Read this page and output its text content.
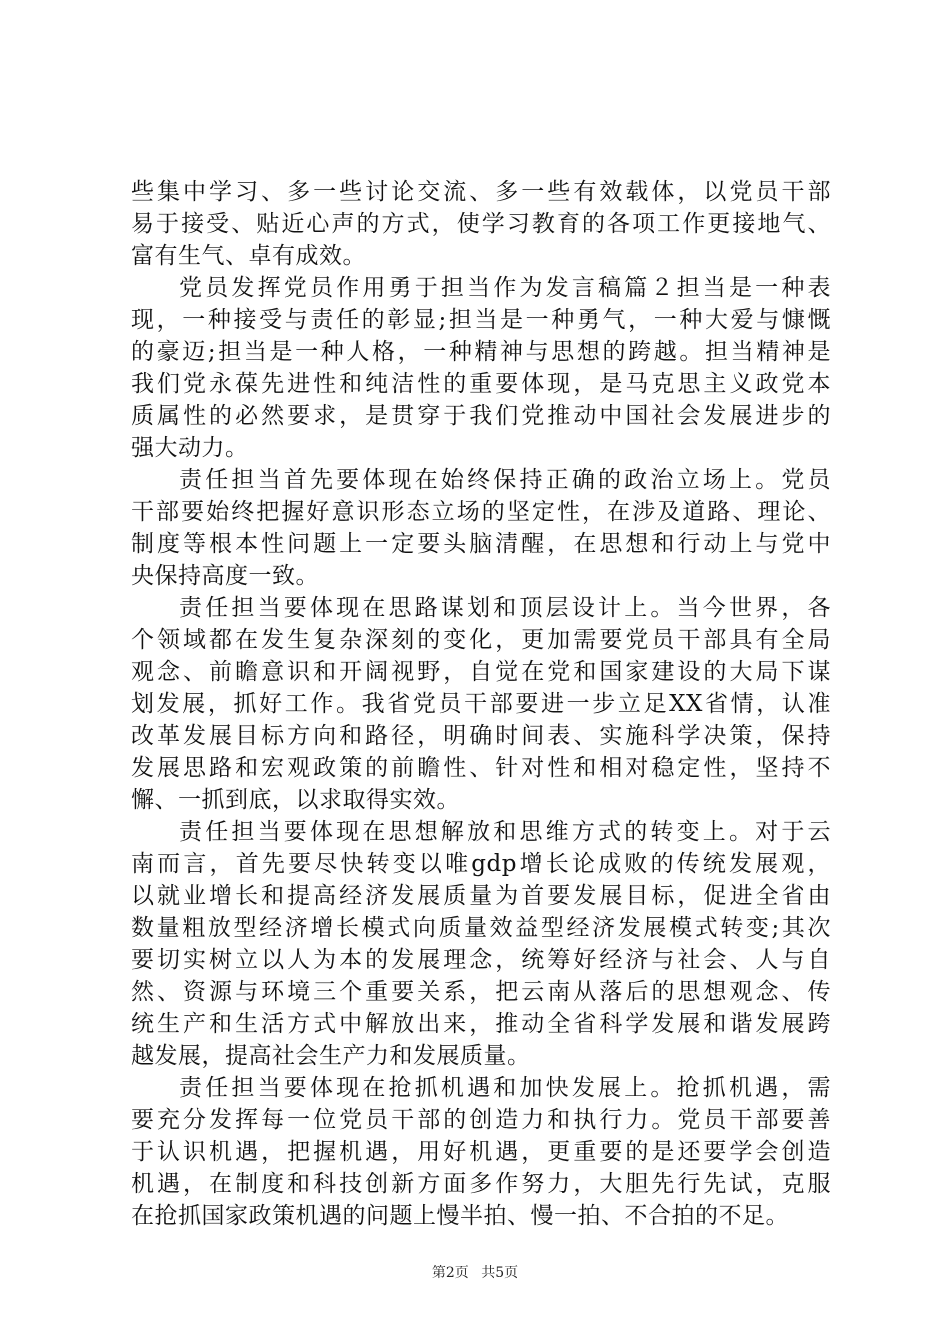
些集中学习、多一些讨论交流、多一些有效载体，以党员干部
易于接受、贴近心声的方式，使学习教育的各项工作更接地气、
富有生气、卓有成效。
党员发挥党员作用勇于担当作为发言稿篇２担当是一种表
现，一种接受与责任的彰显;担当是一种勇气，一种大爱与慷慨
的豪迈;担当是一种人格，一种精神与思想的跨越。担当精神是
我们党永葆先进性和纯洁性的重要体现，是马克思主义政党本
质属性的必然要求，是贯穿于我们党推动中国社会发展进步的
强大动力。
责任担当首先要体现在始终保持正确的政治立场上。党员
干部要始终把握好意识形态立场的坚定性，在涉及道路、理论、
制度等根本性问题上一定要头脑清醒，在思想和行动上与党中
央保持高度一致。
责任担当要体现在思路谋划和顶层设计上。当今世界，各
个领域都在发生复杂深刻的变化，更加需要党员干部具有全局
观念、前瞻意识和开阔视野，自觉在党和国家建设的大局下谋
划发展，抓好工作。我省党员干部要进一步立足XX省情，认准
改革发展目标方向和路径，明确时间表、实施科学决策，保持
发展思路和宏观政策的前瞻性、针对性和相对稳定性，坚持不
懈、一抓到底，以求取得实效。
责任担当要体现在思想解放和思维方式的转变上。对于云
南而言，首先要尽快转变以唯gdp增长论成败的传统发展观，
以就业增长和提高经济发展质量为首要发展目标，促进全省由
数量粗放型经济增长模式向质量效益型经济发展模式转变;其次
要切实树立以人为本的发展理念，统筹好经济与社会、人与自
然、资源与环境三个重要关系，把云南从落后的思想观念、传
统生产和生活方式中解放出来，推动全省科学发展和谐发展跨
越发展，提高社会生产力和发展质量。
责任担当要体现在抢抓机遇和加快发展上。抢抓机遇，需
要充分发挥每一位党员干部的创造力和执行力。党员干部要善
于认识机遇，把握机遇，用好机遇，更重要的是还要学会创造
机遇，在制度和科技创新方面多作努力，大胆先行先试，克服
在抢抓国家政策机遇的问题上慢半拍、慢一拍、不合拍的不足。
第2页 共5页
